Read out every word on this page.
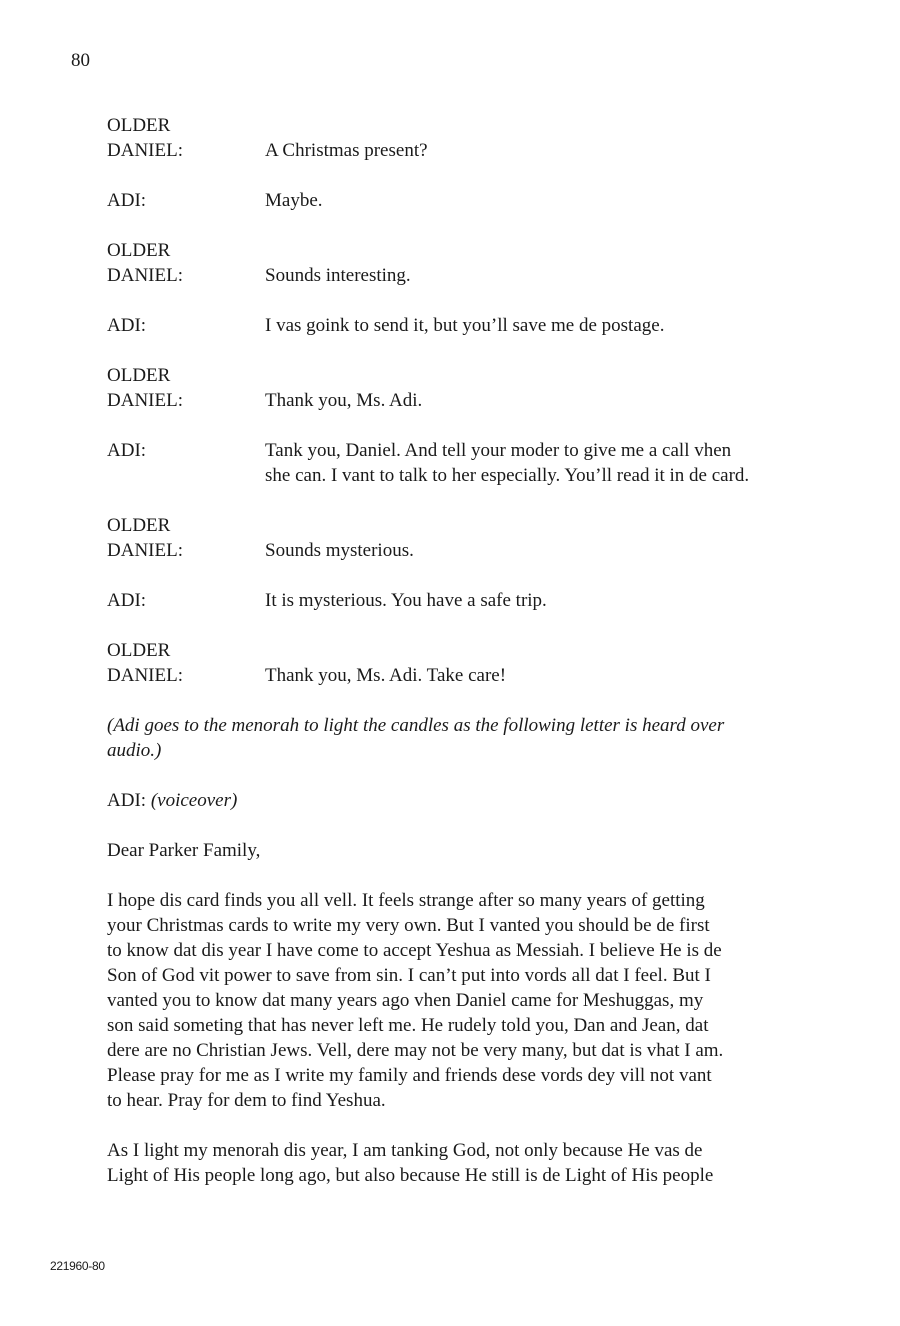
80
OLDER
DANIEL:	A Christmas present?
ADI:	Maybe.
OLDER
DANIEL:	Sounds interesting.
ADI:	I vas goink to send it, but you’ll save me de postage.
OLDER
DANIEL:	Thank you, Ms. Adi.
ADI:	Tank you, Daniel. And tell your moder to give me a call vhen
she can. I vant to talk to her especially. You’ll read it in de card.
OLDER
DANIEL:	Sounds mysterious.
ADI:	It is mysterious. You have a safe trip.
OLDER
DANIEL:	Thank you, Ms. Adi. Take care!
(Adi goes to the menorah to light the candles as the following letter is heard over
audio.)
ADI: (voiceover)
Dear Parker Family,
I hope dis card finds you all vell. It feels strange after so many years of getting
your Christmas cards to write my very own. But I vanted you should be de first
to know dat dis year I have come to accept Yeshua as Messiah. I believe He is de
Son of God vit power to save from sin. I can’t put into vords all dat I feel. But I
vanted you to know dat many years ago vhen Daniel came for Meshuggas, my
son said someting that has never left me. He rudely told you, Dan and Jean, dat
dere are no Christian Jews. Vell, dere may not be very many, but dat is vhat I am.
Please pray for me as I write my family and friends dese vords dey vill not vant
to hear. Pray for dem to find Yeshua.
As I light my menorah dis year, I am tanking God, not only because He vas de
Light of His people long ago, but also because He still is de Light of His people
221960-80
